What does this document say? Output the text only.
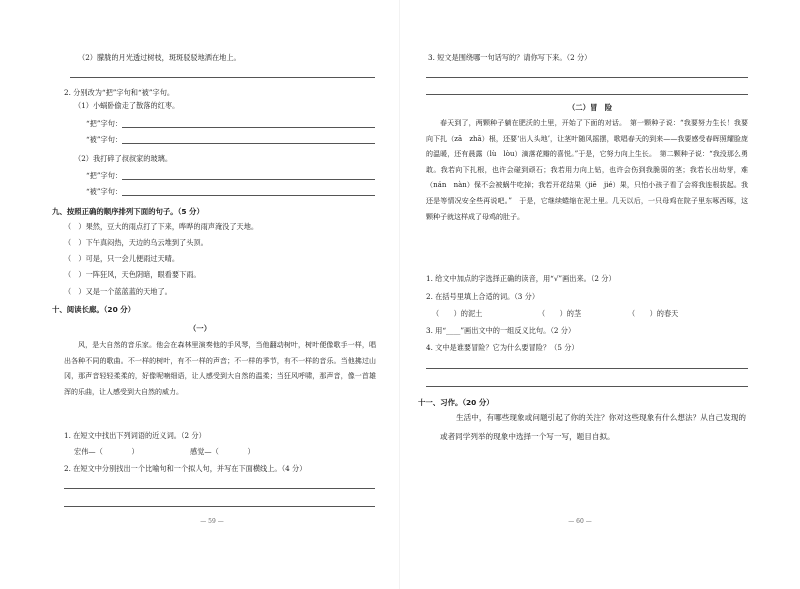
（2）朦胧的月光透过树枝，斑斑驳驳地洒在地上。
2. 分别改为“把”字句和“被”字句。
（1）小蜗卧偷走了散落的红枣。
“把”字句：
“被”字句：
（2）我打碎了叔叔家的玻璃。
“把”字句：
“被”字句：
九、按照正确的顺序排列下面的句子。（5 分）
（　）果然，豆大的雨点打了下来，哗哗的雨声淹没了天地。
（　）下午真闷热，天边的乌云堆到了头顶。
（　）可是，只一会儿便雨过天晴。
（　）一阵狂风，天色阴暗，眼看要下雨。
（　）又是一个蓝蓝蓝的天地了。
十、阅读长廊。（20 分）
（一）
风，是大自然的音乐家。他会在森林里演奏他的手风琴，当他翻动树叶，树叶便像歌手一样，唱出各种不同的歌曲。不一样的树叶，有不一样的声音；不一样的季节，有不一样的音乐。当他拂过山冈，那声音轻轻柔柔的，好像呢喃细语，让人感受到大自然的温柔；当狂风呼啸，那声音，像一首雄浑的乐曲，让人感受到大自然的威力。
1. 在短文中找出下列词语的近义词。（2 分）
宏伟—（　　　　）	感觉—（　　　　）
2. 在短文中分别找出一个比喻句和一个拟人句，并写在下面横线上。（4 分）
— 59 —
3. 短文是围绕哪一句话写的？请你写下来。（2 分）
（二）冒　险
春天到了，两颗种子躺在肥沃的土里，开始了下面的对话。　第一颗种子说：“我要努力生长！我要向下扎（zā　zhā）根，还要‘出人头地’，让茎叶随风摇摆，歌唱春天的到来——我要感受春晖照耀脸庞的温暖，还有晨露（lù　lòu）滴落花瓣的喜悦。”于是，它努力向上生长。　第二颗种子说：“我没那么勇敢。我若向下扎根，也许会碰到顽石；我若用力向上钻，也许会伤到我脆弱的茎；我若长出幼芽，难（nán　nàn）保不会被蜗牛吃掉；我若开花结果（jiē　jié）果，只怕小孩子看了会将我连根拔起。我还是等情况安全些再说吧。”　于是，它继续蜷缩在泥土里。几天以后，一只母鸡在院子里东啄西啄，这颗种子就这样成了母鸡的肚子。
1. 给文中加点的字选择正确的读音，用“√”画出来。（2 分）
2. 在括号里填上合适的词。（3 分）
（　　）的泥土	（　　）的茎	（　　）的春天
3. 用“____”画出文中的一组反义比句。（2 分）
4. 文中是谁要冒险？它为什么要冒险？（5 分）
十一、习作。（20 分）
生活中，有哪些现象或问题引起了你的关注？你对这些现象有什么想法？从自己发现的或者同学列举的现象中选择一个写一写，题目自拟。
— 60 —
